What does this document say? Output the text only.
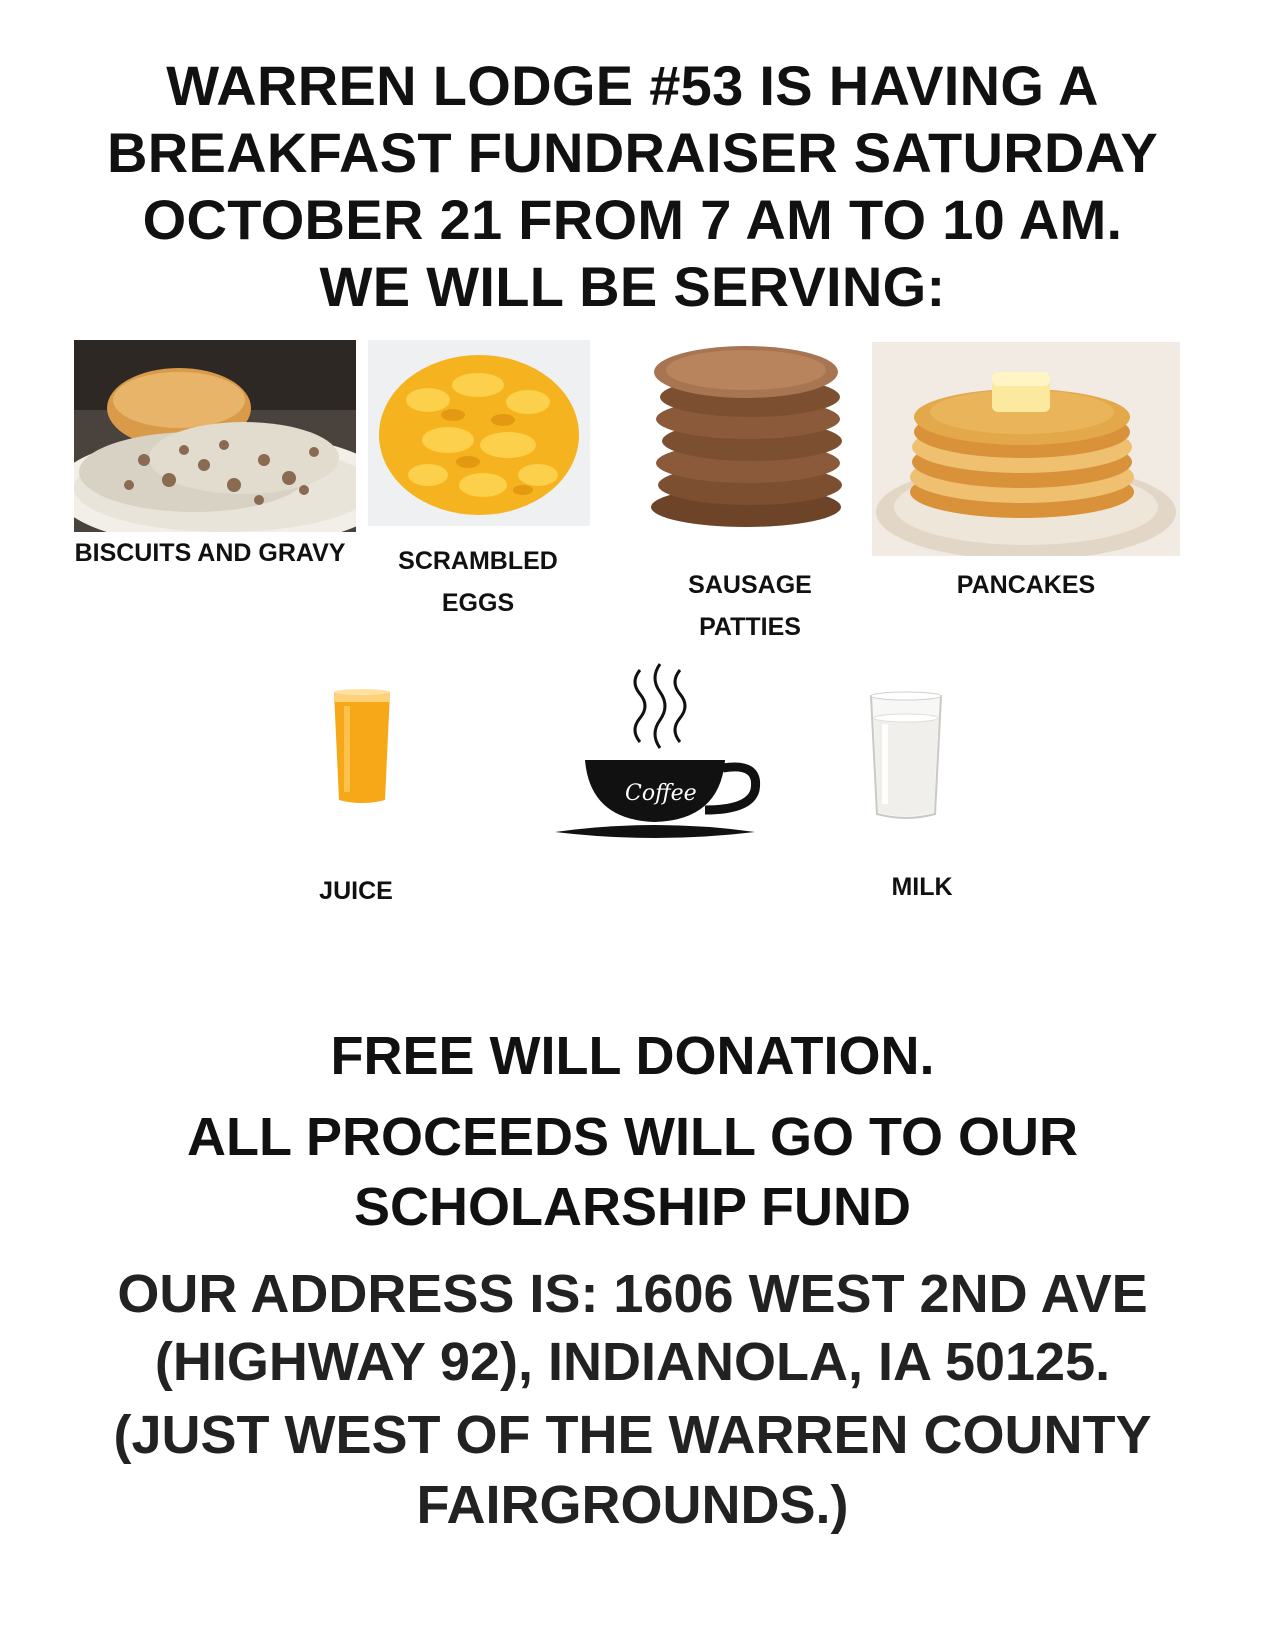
WARREN LODGE #53 IS HAVING A
BREAKFAST FUNDRAISER SATURDAY
OCTOBER 21 FROM 7 AM TO 10 AM.
WE WILL BE SERVING:
BISCUITS AND GRAVY SCRAMBLED
EGGS
SAUSAGE
PATTIES
PANCAKES
Coffee
JUICE	MILK
FREE WILL DONATION.
ALL PROCEEDS WILL GO TO OUR
SCHOLARSHIP FUND
OUR ADDRESS IS: 1606 WEST 2ND AVE
(HIGHWAY 92), INDIANOLA, IA 50125.
(JUST WEST OF THE WARREN COUNTY
FAIRGROUNDS.)
